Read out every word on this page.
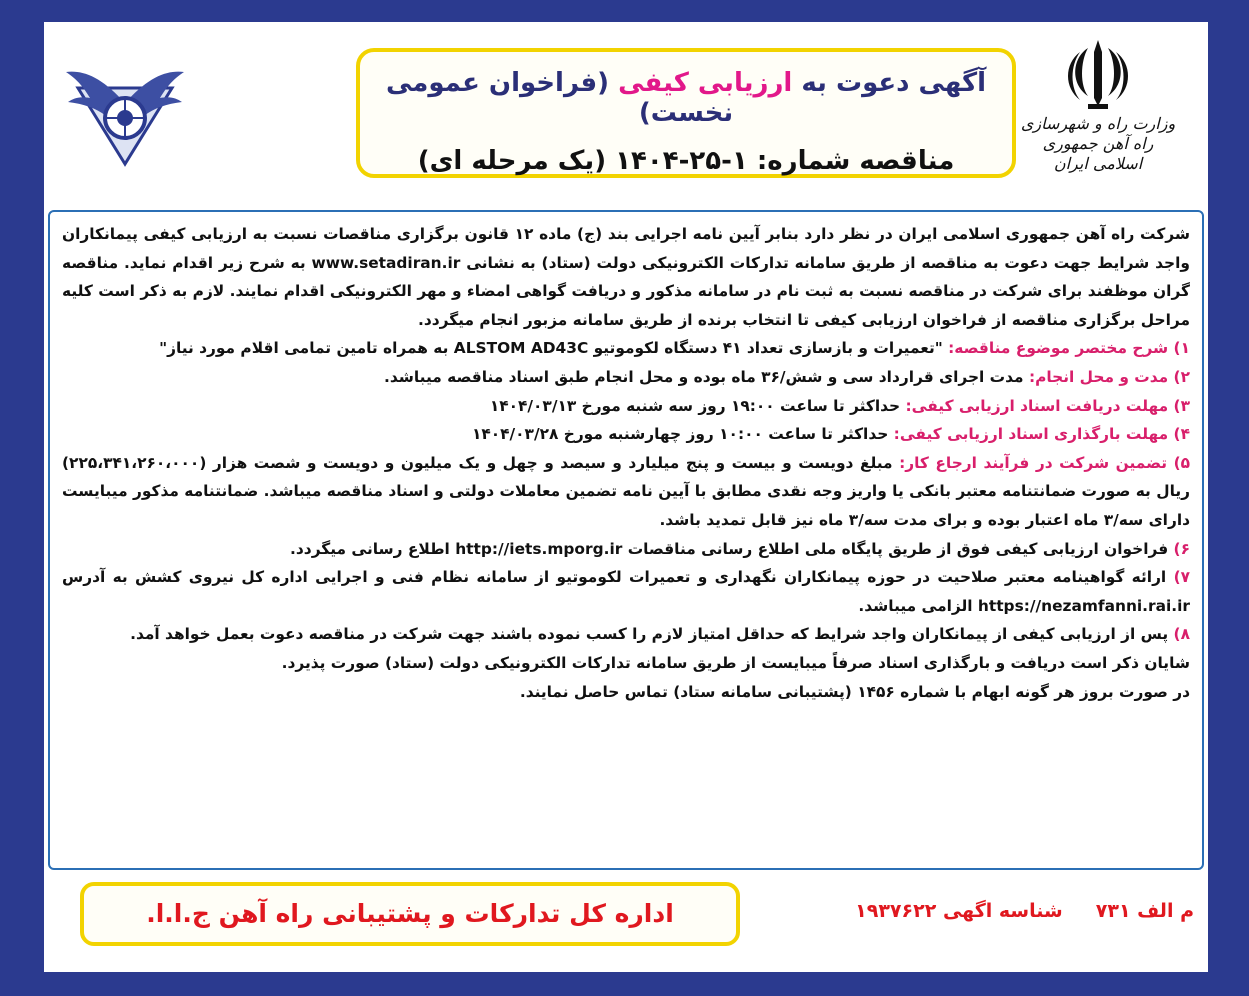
وزارت راه و شهرسازی
راه آهن جمهوری اسلامی ایران
آگهی دعوت به ارزیابی کیفی (فراخوان عمومی نخست)
مناقصه شماره: ۱-۲۵-۱۴۰۴ (یک مرحله ای)

شرکت راه آهن جمهوری اسلامی ایران در نظر دارد بنابر آیین نامه اجرایی بند (ج) ماده ۱۲ قانون برگزاری مناقصات نسبت به ارزیابی کیفی پیمانکاران واجد شرایط جهت دعوت به مناقصه از طریق سامانه تدارکات الکترونیکی دولت (ستاد) به نشانی www.setadiran.ir به شرح زیر اقدام نماید. مناقصه گران موظفند برای شرکت در مناقصه نسبت به ثبت نام در سامانه مذکور و دریافت گواهی امضاء و مهر الکترونیکی اقدام نمایند. لازم به ذکر است کلیه مراحل برگزاری مناقصه از فراخوان ارزیابی کیفی تا انتخاب برنده از طریق سامانه مزبور انجام میگردد.

۱) شرح مختصر موضوع مناقصه: "تعمیرات و بازسازی تعداد ۴۱ دستگاه لکوموتیو ALSTOM AD43C به همراه تامین تمامی اقلام مورد نیاز"

۲) مدت و محل انجام: مدت اجرای قرارداد سی و شش/۳۶ ماه بوده و محل انجام طبق اسناد مناقصه میباشد.

۳) مهلت دریافت اسناد ارزیابی کیفی: حداکثر تا ساعت ۱۹:۰۰ روز سه شنبه مورخ ۱۴۰۴/۰۳/۱۳

۴) مهلت بارگذاری اسناد ارزیابی کیفی: حداکثر تا ساعت ۱۰:۰۰ روز چهارشنبه مورخ ۱۴۰۴/۰۳/۲۸

۵) تضمین شرکت در فرآیند ارجاع کار: مبلغ دویست و بیست و پنج میلیارد و سیصد و چهل و یک میلیون و دویست و شصت هزار (۲۲۵،۳۴۱،۲۶۰،۰۰۰) ریال به صورت ضمانتنامه معتبر بانکی یا واریز وجه نقدی مطابق با آیین نامه تضمین معاملات دولتی و اسناد مناقصه میباشد. ضمانتنامه مذکور میبایست دارای سه/۳ ماه اعتبار بوده و برای مدت سه/۳ ماه نیز قابل تمدید باشد.

۶) فراخوان ارزیابی کیفی فوق از طریق پایگاه ملی اطلاع رسانی مناقصات http://iets.mporg.ir اطلاع رسانی میگردد.

۷) ارائه گواهینامه معتبر صلاحیت در حوزه پیمانکاران نگهداری و تعمیرات لکوموتیو از سامانه نظام فنی و اجرایی اداره کل نیروی کشش به آدرس https://nezamfanni.rai.ir الزامی میباشد.

۸) پس از ارزیابی کیفی از پیمانکاران واجد شرایط که حداقل امتیاز لازم را کسب نموده باشند جهت شرکت در مناقصه دعوت بعمل خواهد آمد.

شایان ذکر است دریافت و بارگذاری اسناد صرفاً میبایست از طریق سامانه تدارکات الکترونیکی دولت (ستاد) صورت پذیرد.

در صورت بروز هر گونه ابهام با شماره ۱۴۵۶ (پشتیبانی سامانه ستاد) تماس حاصل نمایند.

اداره کل تدارکات و پشتیبانی راه آهن ج.ا.ا.	م الف ۷۳۱     شناسه اگهی ۱۹۳۷۶۲۲
